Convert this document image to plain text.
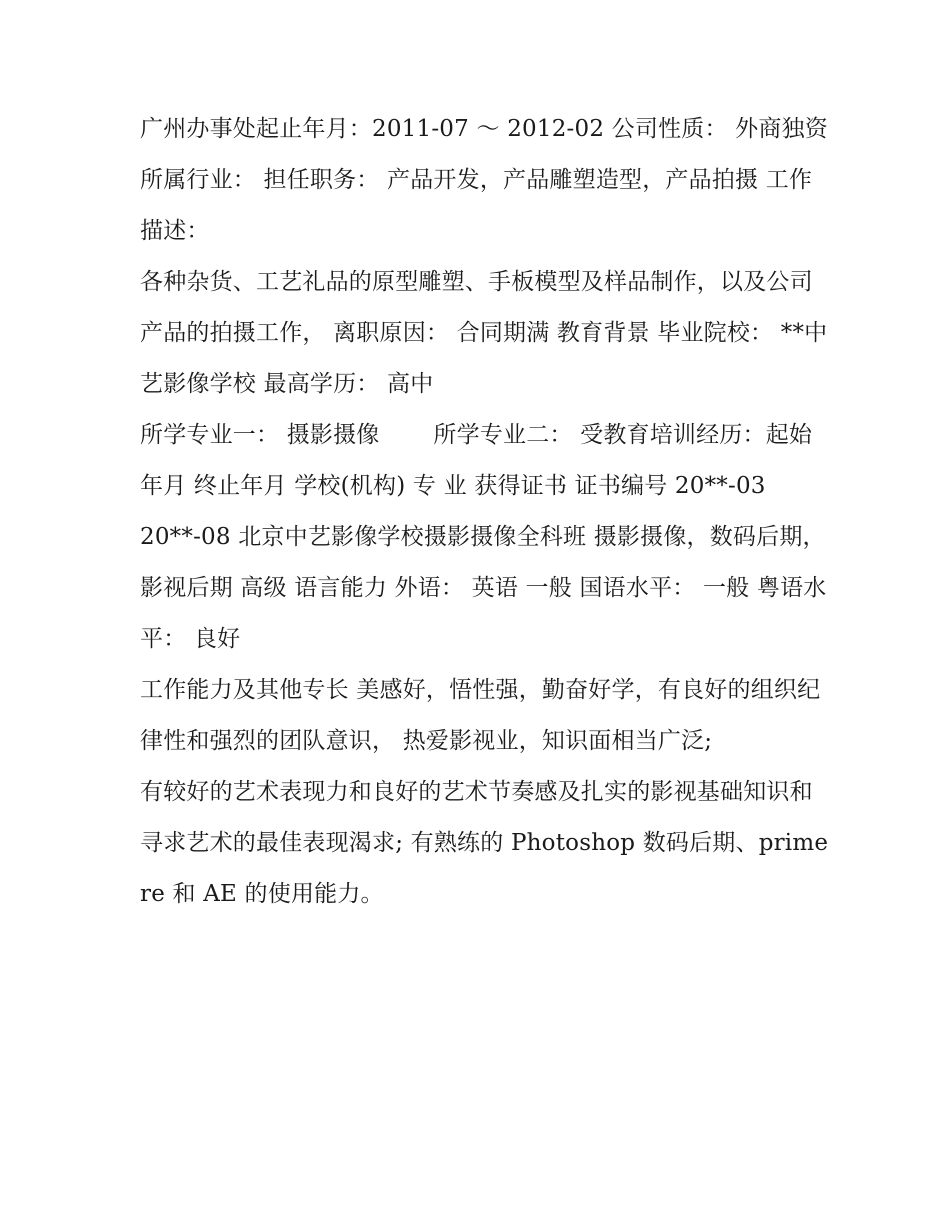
广州办事处起止年月：2011-07 ～ 2012-02 公司性质： 外商独资所属行业： 担任职务： 产品开发，产品雕塑造型，产品拍摄 工作描述：

各种杂货、工艺礼品的原型雕塑、手板模型及样品制作，以及公司产品的拍摄工作， 离职原因： 合同期满 教育背景 毕业院校： **中艺影像学校 最高学历： 高中

所学专业一： 摄影摄像　　 所学专业二： 受教育培训经历：起始年月 终止年月 学校(机构) 专 业 获得证书 证书编号 20**-03

20**-08 北京中艺影像学校摄影摄像全科班 摄影摄像，数码后期，影视后期 高级 语言能力 外语： 英语 一般 国语水平： 一般 粤语水平： 良好

工作能力及其他专长 美感好，悟性强，勤奋好学，有良好的组织纪律性和强烈的团队意识， 热爱影视业，知识面相当广泛;

有较好的艺术表现力和良好的艺术节奏感及扎实的影视基础知识和寻求艺术的最佳表现渴求; 有熟练的 Photoshop 数码后期、primere 和 AE 的使用能力。
